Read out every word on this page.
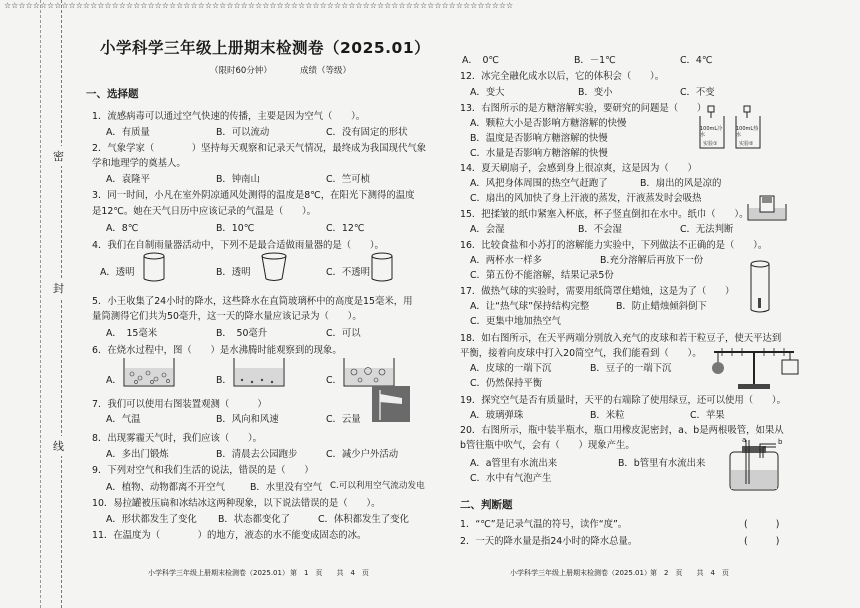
☆☆☆☆☆☆☆☆☆☆☆☆☆☆☆☆☆☆☆☆☆☆☆☆☆☆☆☆☆☆☆☆☆☆☆☆☆☆☆☆☆☆☆☆☆☆☆☆☆☆☆☆☆☆☆☆☆☆☆☆☆☆☆☆☆☆☆☆☆☆☆
密
封
线
小学科学三年级上册期末检测卷（2025.01）
（限时60分钟）	成绩（等级）
一、选择题
1．流感病毒可以通过空气快速的传播，主要是因为空气（　　）。
A．有质量	B．可以流动	C．没有固定的形状
2．气象学家（　　　　）坚持每天观察和记录天气情况，最终成为我国现代气象
学和地理学的奠基人。
A．袁隆平	B．钟南山	C．竺可桢
3．同一时间，小凡在室外阴凉通风处测得的温度是8℃，在阳光下测得的温度
是12℃。她在天气日历中应该记录的气温是（　　）。
A．8℃	B．10℃	C．12℃
4．我们在自制雨量器活动中，下列不是最合适做雨量器的是（　　）。
A．透明	B．透明	C．不透明
5．小王收集了24小时的降水，这些降水在直筒玻璃杯中的高度是15毫米，用
量筒测得它们共为50毫升，这一天的降水量应该记录为（　　）。
A．　15毫米	B．　50毫升	C．可以
6．在烧水过程中，图（　　）是水沸腾时能观察到的现象。
A．	B．	C．
7．我们可以使用右图装置观测（　　　）
A．气温	B．风向和风速	C．云量
8．出现雾霾天气时，我们应该（　　）。
A．多出门锻炼	B．清晨去公园跑步	C．减少户外活动
9．下列对空气和我们生活的说法，错误的是（　　）
A．植物、动物都离不开空气	B．水里没有空气 C.可以利用空气流动发电
10．易拉罐被压扁和冰结冰这两种现象，以下说法错误的是（　　）。
A．形状都发生了变化 B．状态都变化了	C．体积都发生了变化
11．在温度为（　　　　）的地方，液态的水不能变成固态的冰。
A．　0℃	B．－1℃	C．4℃
12．冰完全融化成水以后，它的体积会（　　）。
A．变大	B．变小	C．不变
13．右图所示的是方糖溶解实验，要研究的问题是（　　）
A．颗粒大小是否影响方糖溶解的快慢
B．温度是否影响方糖溶解的快慢
C．水量是否影响方糖溶解的快慢
100mL冷水
实验①
100mL热水
实验②
14．夏天刷扇子，会感到身上很凉爽，这是因为（　　）
A．风把身体周围的热空气赶跑了	B．扇出的风是凉的
C．扇出的风加快了身上汗液的蒸发，汗液蒸发时会吸热
15．把揉皱的纸巾紧塞入杯底，杯子竖直倒扣在水中。纸巾（　　）。
A．会湿	B．不会湿	C．无法判断
16．比较食盐和小苏打的溶解能力实验中，下列做法不正确的是（　　）。
A．两杯水一样多	B.充分溶解后再放下一份
C．第五份不能溶解，结果记录5份
17．做热气球的实验时，需要用纸筒罩住蜡烛，这是为了（　　）
A．让“热气球”保持结构完整	B．防止蜡烛倾斜倒下
C．更集中地加热空气
18．如右图所示，在天平两端分别放入充气的皮球和若干粒豆子，使天平达到
平衡，接着向皮球中打入20简空气，我们能看到（　　）。
A．皮球的一端下沉	B．豆子的一端下沉
C．仍然保持平衡
19．探究空气是否有质量时，天平的右端除了使用绿豆，还可以使用（　　）。
A．玻璃弹珠	B．米粒	C．苹果
20．右图所示，瓶中装半瓶水，瓶口用橡皮泥密封，a、b是两根吸管，如果从
b管往瓶中吹气，会有（　　）现象产生。
A．a管里有水流出来	B．b管里有水流出来
C．水中有气泡产生
a	b
二、判断题
1．“℃”是记录气温的符号，读作“度”。	(　　　)
2．一天的降水量是指24小时的降水总量。	(　　　)
小学科学三年级上册期末检测卷（2025.01） 第　1　页　　共　4　页	小学科学三年级上册期末检测卷（2025.01） 第　2　页　　共　4　页
